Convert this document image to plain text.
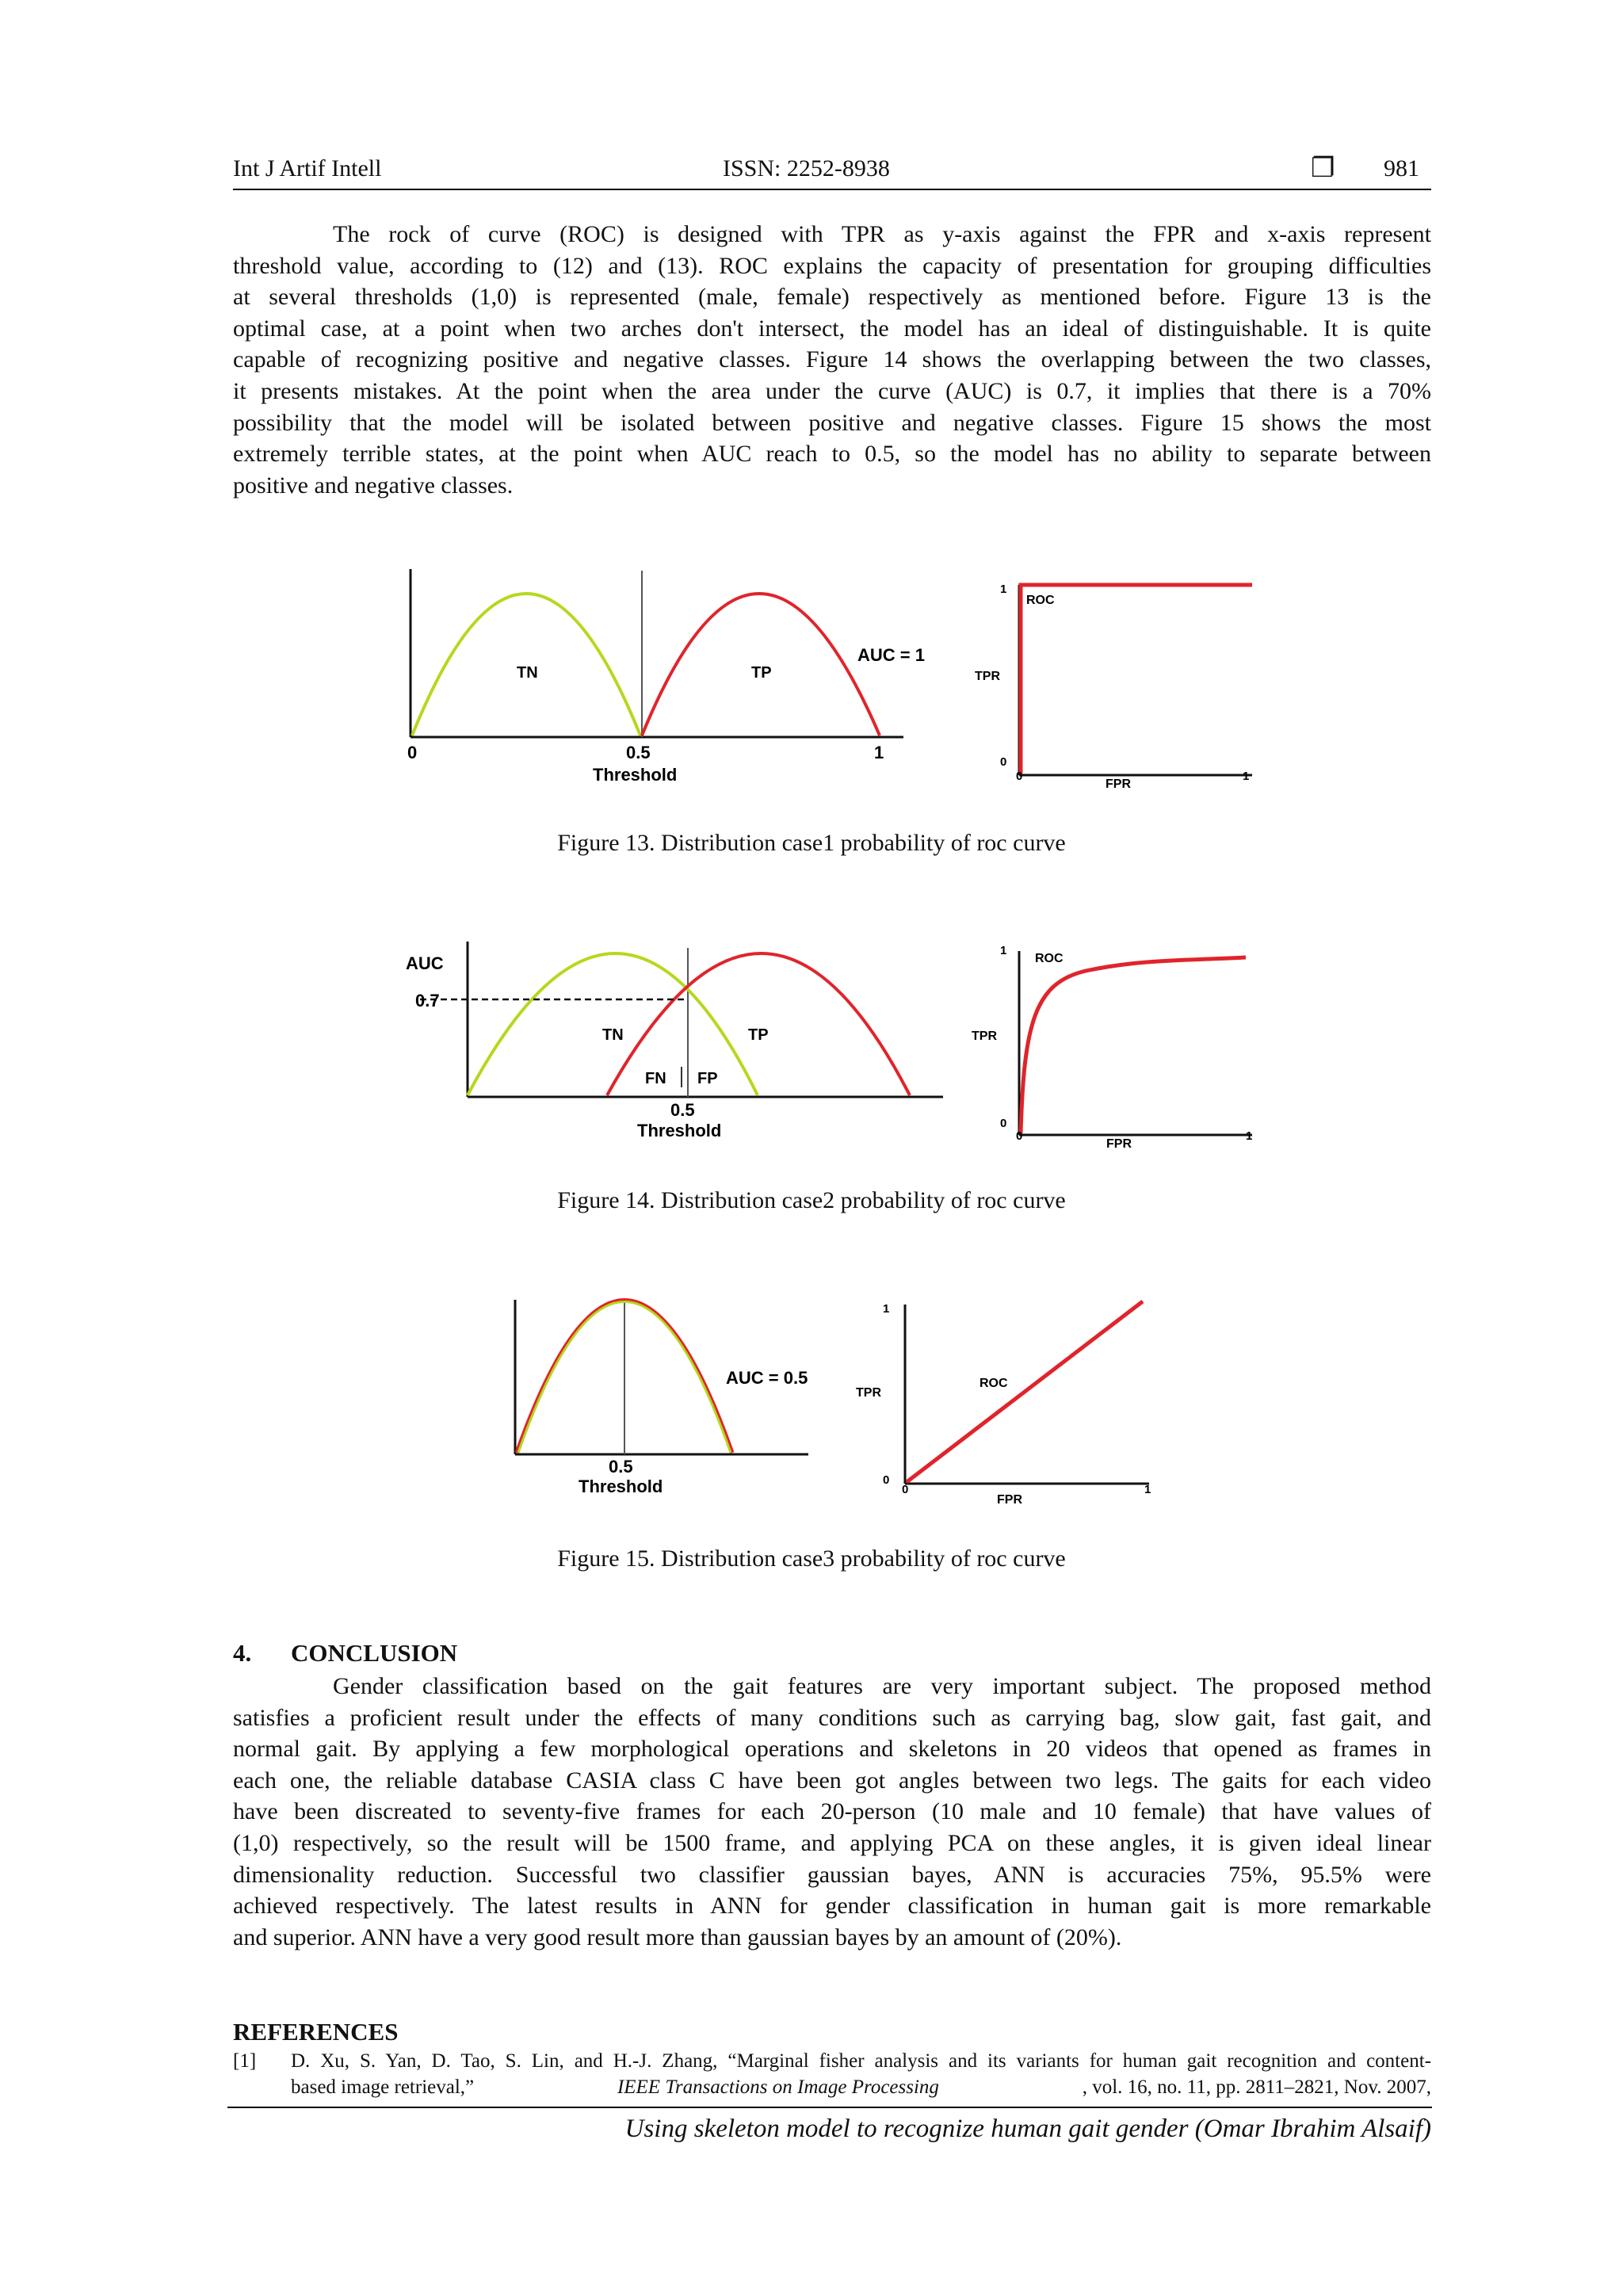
Int J Artif Intell	ISSN: 2252-8938	❐ 981
The rock of curve (ROC) is designed with TPR as y-axis against the FPR and x-axis represent
threshold value, according to (12) and (13). ROC explains the capacity of presentation for grouping difficulties
at several thresholds (1,0) is represented (male, female) respectively as mentioned before. Figure 13 is the
optimal case, at a point when two arches don't intersect, the model has an ideal of distinguishable. It is quite
capable of recognizing positive and negative classes. Figure 14 shows the overlapping between the two classes,
it presents mistakes. At the point when the area under the curve (AUC) is 0.7, it implies that there is a 70%
possibility that the model will be isolated between positive and negative classes. Figure 15 shows the most
extremely terrible states, at the point when AUC reach to 0.5, so the model has no ability to separate between
positive and negative classes.
TN	TP
AUC = 1
0	0.5	1
Threshold
1
0
ROC
TPR
0
FPR
1
Figure 13. Distribution case1 probability of roc curve
AUC
0.7
TN	TP
FN FP
0.5
Threshold
1
0
ROC
TPR
0
FPR
1
Figure 14. Distribution case2 probability of roc curve
AUC = 0.5
0.5
Threshold
1
0
ROC
TPR
0
FPR
1
Figure 15. Distribution case3 probability of roc curve
4. CONCLUSION
Gender classification based on the gait features are very important subject. The proposed method
satisfies a proficient result under the effects of many conditions such as carrying bag, slow gait, fast gait, and
normal gait. By applying a few morphological operations and skeletons in 20 videos that opened as frames in
each one, the reliable database CASIA class C have been got angles between two legs. The gaits for each video
have been discreated to seventy-five frames for each 20-person (10 male and 10 female) that have values of
(1,0) respectively, so the result will be 1500 frame, and applying PCA on these angles, it is given ideal linear
dimensionality reduction. Successful two classifier gaussian bayes, ANN is accuracies 75%, 95.5% were
achieved respectively. The latest results in ANN for gender classification in human gait is more remarkable
and superior. ANN have a very good result more than gaussian bayes by an amount of (20%).
REFERENCES
[1] D. Xu, S. Yan, D. Tao, S. Lin, and H.-J. Zhang, “Marginal fisher analysis and its variants for human gait recognition and content-
based image retrieval,”	IEEE Transactions on Image Processing	, vol. 16, no. 11, pp. 2811–2821, Nov. 2007,
Using skeleton model to recognize human gait gender (Omar Ibrahim Alsaif)
